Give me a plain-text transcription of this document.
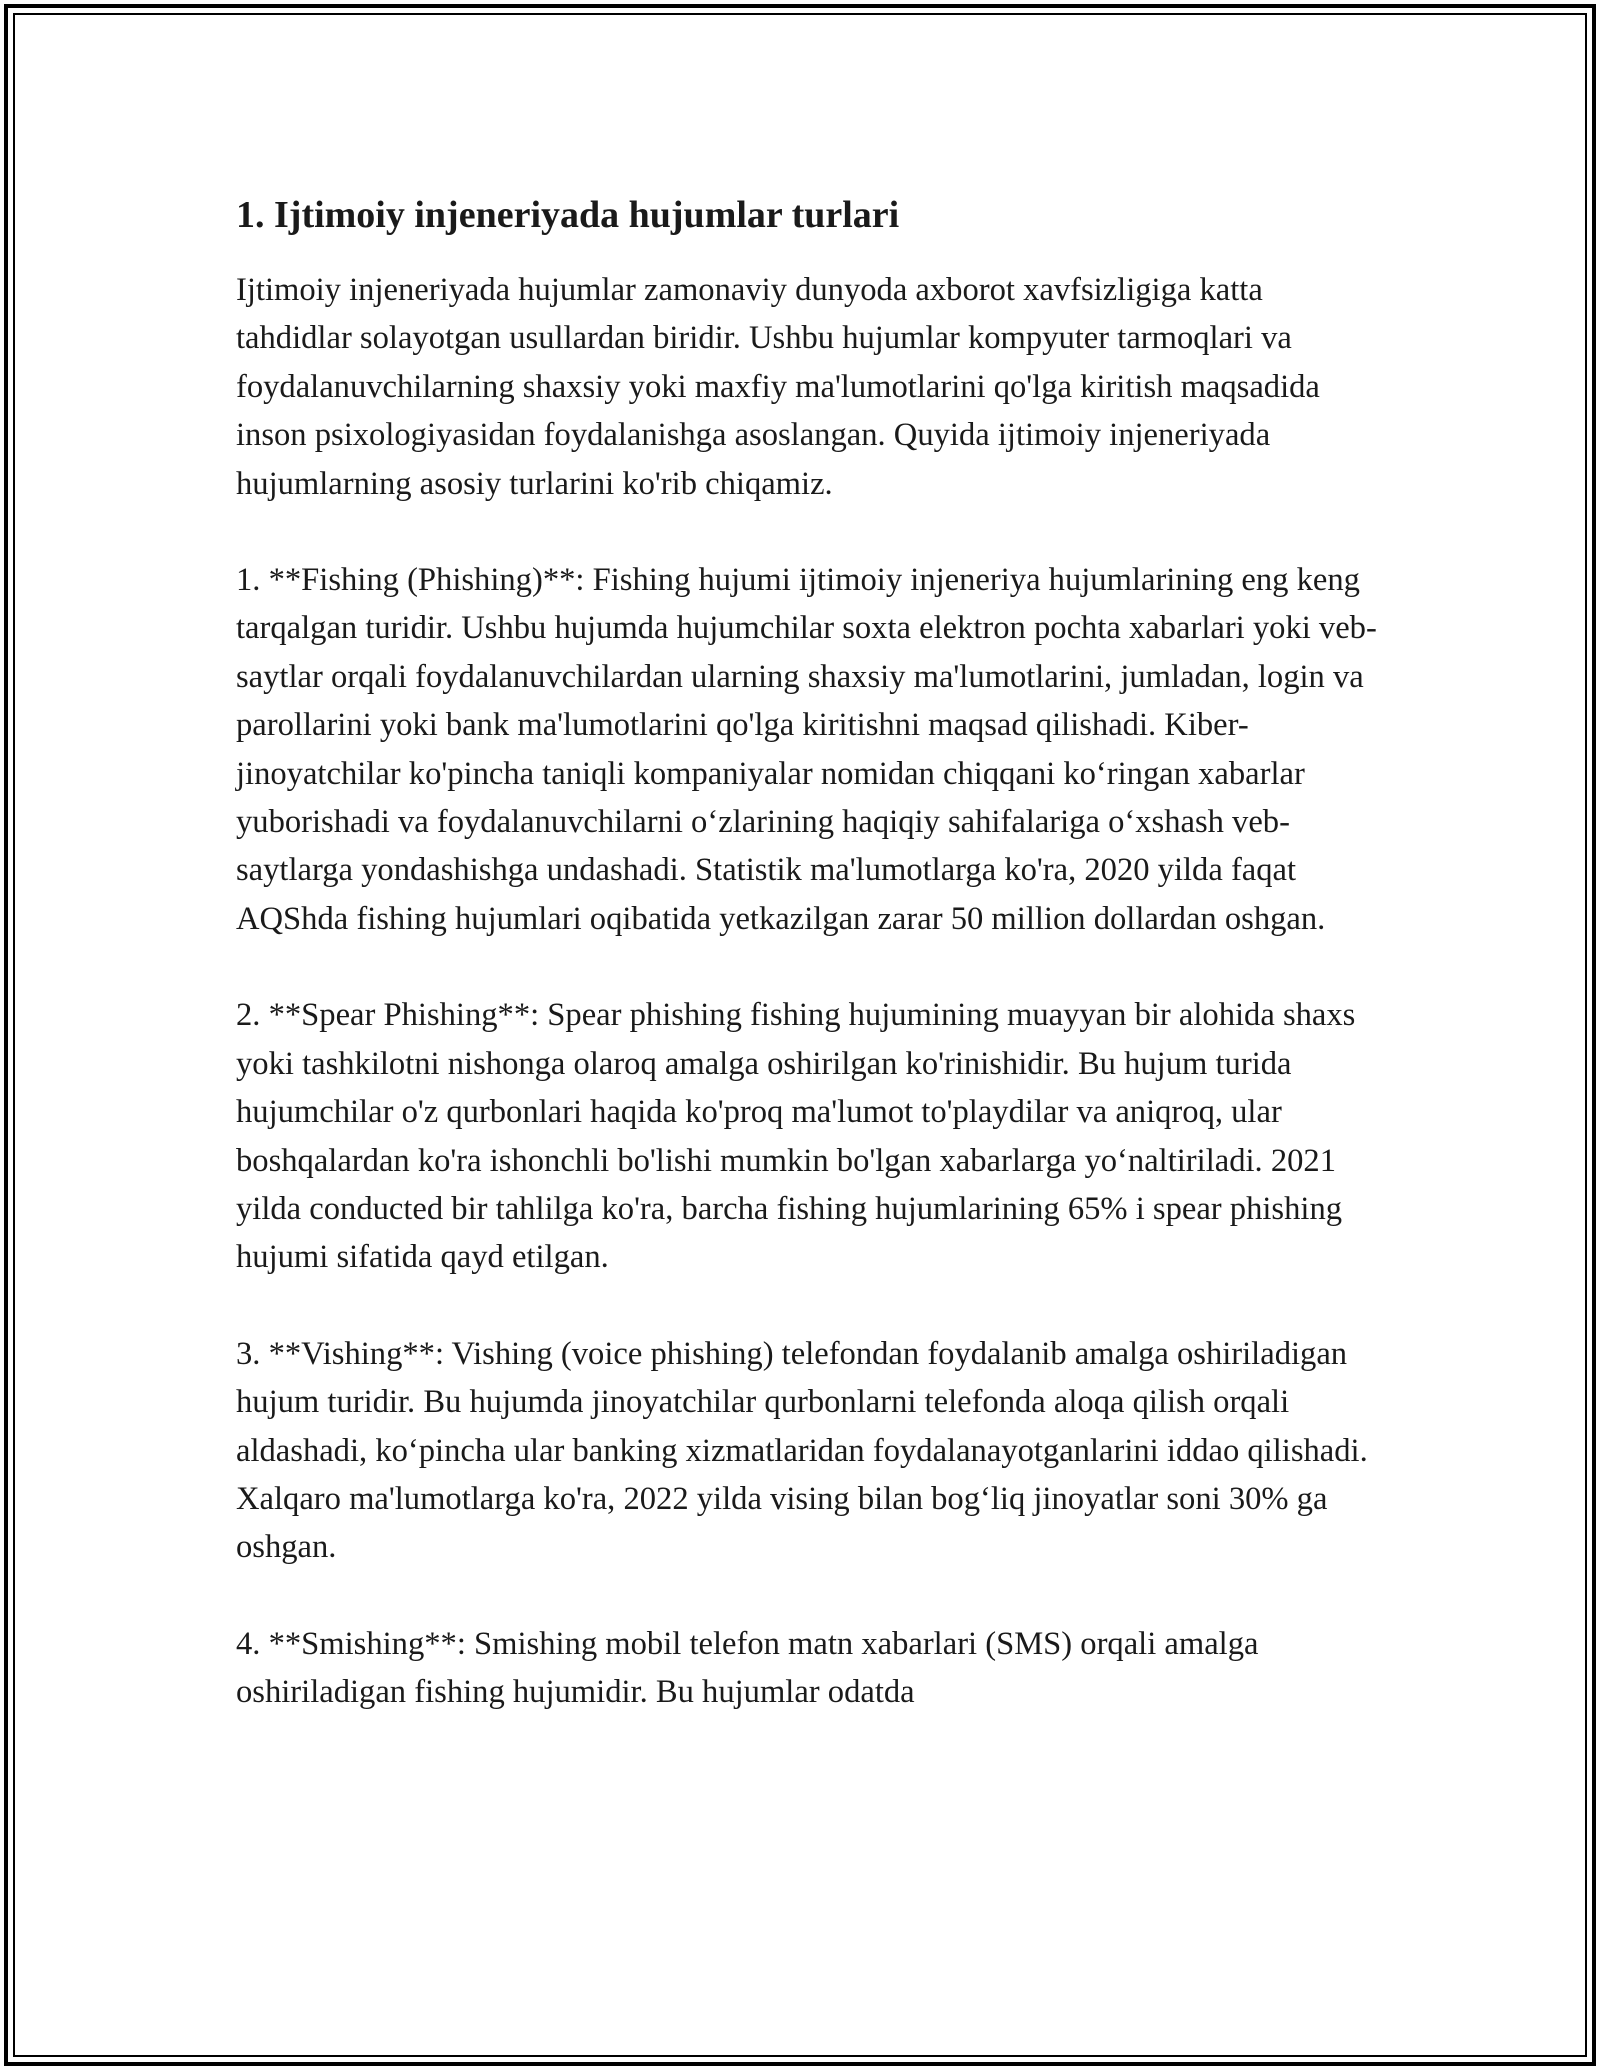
1. Ijtimoiy injeneriyada hujumlar turlari

Ijtimoiy injeneriyada hujumlar zamonaviy dunyoda axborot xavfsizligiga katta tahdidlar solayotgan usullardan biridir. Ushbu hujumlar kompyuter tarmoqlari va foydalanuvchilarning shaxsiy yoki maxfiy ma'lumotlarini qo'lga kiritish maqsadida inson psixologiyasidan foydalanishga asoslangan. Quyida ijtimoiy injeneriyada hujumlarning asosiy turlarini ko'rib chiqamiz.

1. **Fishing (Phishing)**: Fishing hujumi ijtimoiy injeneriya hujumlarining eng keng tarqalgan turidir. Ushbu hujumda hujumchilar soxta elektron pochta xabarlari yoki veb-saytlar orqali foydalanuvchilardan ularning shaxsiy ma'lumotlarini, jumladan, login va parollarini yoki bank ma'lumotlarini qo'lga kiritishni maqsad qilishadi. Kiber-jinoyatchilar ko'pincha taniqli kompaniyalar nomidan chiqqani ko‘ringan xabarlar yuborishadi va foydalanuvchilarni o‘zlarining haqiqiy sahifalariga o‘xshash veb-saytlarga yondashishga undashadi. Statistik ma'lumotlarga ko'ra, 2020 yilda faqat AQShda fishing hujumlari oqibatida yetkazilgan zarar 50 million dollardan oshgan.

2. **Spear Phishing**: Spear phishing fishing hujumining muayyan bir alohida shaxs yoki tashkilotni nishonga olaroq amalga oshirilgan ko'rinishidir. Bu hujum turida hujumchilar o'z qurbonlari haqida ko'proq ma'lumot to'playdilar va aniqroq, ular boshqalardan ko'ra ishonchli bo'lishi mumkin bo'lgan xabarlarga yo‘naltiriladi. 2021 yilda conducted bir tahlilga ko'ra, barcha fishing hujumlarining 65% i spear phishing hujumi sifatida qayd etilgan.

3. **Vishing**: Vishing (voice phishing) telefondan foydalanib amalga oshiriladigan hujum turidir. Bu hujumda jinoyatchilar qurbonlarni telefonda aloqa qilish orqali aldashadi, ko‘pincha ular banking xizmatlaridan foydalanayotganlarini iddao qilishadi. Xalqaro ma'lumotlarga ko'ra, 2022 yilda vising bilan bog‘liq jinoyatlar soni 30% ga oshgan.

4. **Smishing**: Smishing mobil telefon matn xabarlari (SMS) orqali amalga oshiriladigan fishing hujumidir. Bu hujumlar odatda
